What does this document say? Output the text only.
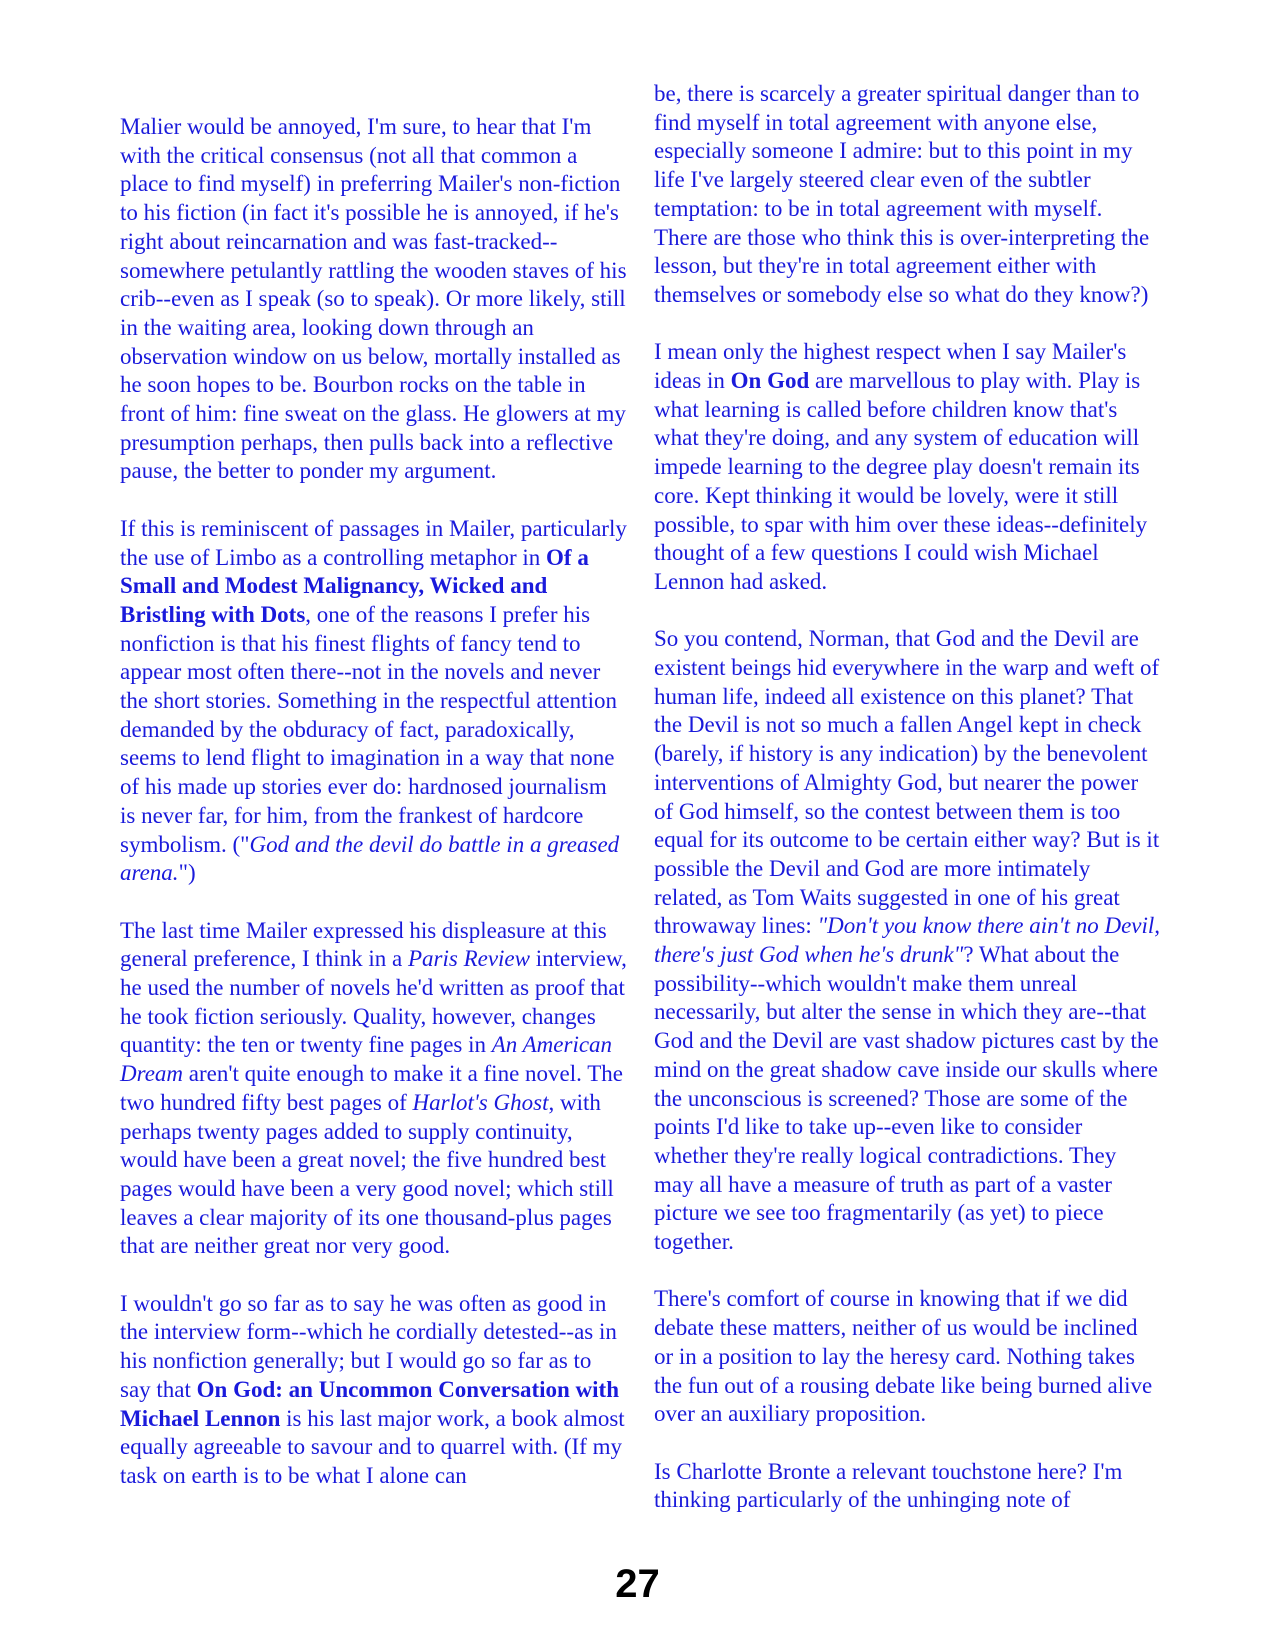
Malier would be annoyed, I'm sure, to hear that I'm with the critical consensus (not all that common a place to find myself) in preferring Mailer's non-fiction to his fiction (in fact it's possible he is annoyed, if he's right about reincarnation and was fast-tracked--somewhere petulantly rattling the wooden staves of his crib--even as I speak (so to speak). Or more likely, still in the waiting area, looking down through an observation window on us below, mortally installed as he soon hopes to be. Bourbon rocks on the table in front of him: fine sweat on the glass. He glowers at my presumption perhaps, then pulls back into a reflective pause, the better to ponder my argument.

If this is reminiscent of passages in Mailer, particularly the use of Limbo as a controlling metaphor in Of a Small and Modest Malignancy, Wicked and Bristling with Dots, one of the reasons I prefer his nonfiction is that his finest flights of fancy tend to appear most often there--not in the novels and never the short stories. Something in the respectful attention demanded by the obduracy of fact, paradoxically, seems to lend flight to imagination in a way that none of his made up stories ever do: hardnosed journalism is never far, for him, from the frankest of hardcore symbolism. ("God and the devil do battle in a greased arena.")

The last time Mailer expressed his displeasure at this general preference, I think in a Paris Review interview, he used the number of novels he'd written as proof that he took fiction seriously. Quality, however, changes quantity: the ten or twenty fine pages in An American Dream aren't quite enough to make it a fine novel. The two hundred fifty best pages of Harlot's Ghost, with perhaps twenty pages added to supply continuity, would have been a great novel; the five hundred best pages would have been a very good novel; which still leaves a clear majority of its one thousand-plus pages that are neither great nor very good.

I wouldn't go so far as to say he was often as good in the interview form--which he cordially detested--as in his nonfiction generally; but I would go so far as to say that On God: an Uncommon Conversation with Michael Lennon is his last major work, a book almost equally agreeable to savour and to quarrel with. (If my task on earth is to be what I alone can

be, there is scarcely a greater spiritual danger than to find myself in total agreement with anyone else, especially someone I admire: but to this point in my life I've largely steered clear even of the subtler temptation: to be in total agreement with myself. There are those who think this is over-interpreting the lesson, but they're in total agreement either with themselves or somebody else so what do they know?)

I mean only the highest respect when I say Mailer's ideas in On God are marvellous to play with. Play is what learning is called before children know that's what they're doing, and any system of education will impede learning to the degree play doesn't remain its core. Kept thinking it would be lovely, were it still possible, to spar with him over these ideas--definitely thought of a few questions I could wish Michael Lennon had asked.

So you contend, Norman, that God and the Devil are existent beings hid everywhere in the warp and weft of human life, indeed all existence on this planet? That the Devil is not so much a fallen Angel kept in check (barely, if history is any indication) by the benevolent interventions of Almighty God, but nearer the power of God himself, so the contest between them is too equal for its outcome to be certain either way? But is it possible the Devil and God are more intimately related, as Tom Waits suggested in one of his great throwaway lines: "Don't you know there ain't no Devil, there's just God when he's drunk"? What about the possibility--which wouldn't make them unreal necessarily, but alter the sense in which they are--that God and the Devil are vast shadow pictures cast by the mind on the great shadow cave inside our skulls where the unconscious is screened? Those are some of the points I'd like to take up--even like to consider whether they're really logical contradictions. They may all have a measure of truth as part of a vaster picture we see too fragmentarily (as yet) to piece together.

There's comfort of course in knowing that if we did debate these matters, neither of us would be inclined or in a position to lay the heresy card. Nothing takes the fun out of a rousing debate like being burned alive over an auxiliary proposition.

Is Charlotte Bronte a relevant touchstone here? I'm thinking particularly of the unhinging note of

27
